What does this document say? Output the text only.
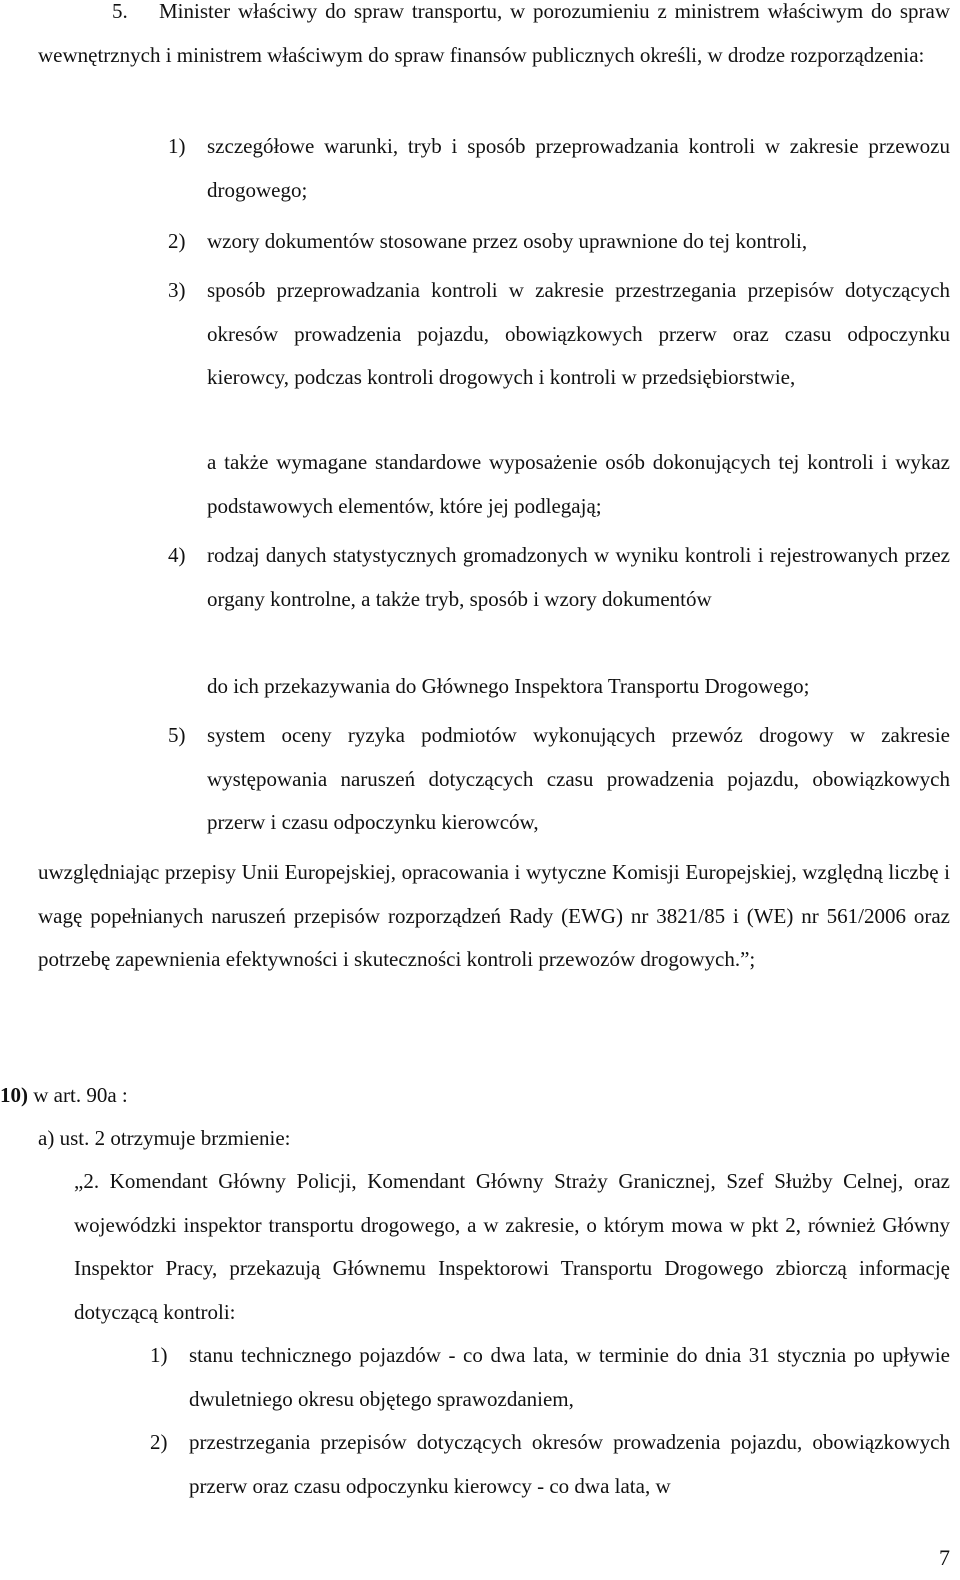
5. Minister właściwy do spraw transportu, w porozumieniu z ministrem właściwym do spraw wewnętrznych i ministrem właściwym do spraw finansów publicznych określi, w drodze rozporządzenia:
1)	szczegółowe warunki, tryb i sposób przeprowadzania kontroli w zakresie przewozu drogowego;
2)	wzory dokumentów stosowane przez osoby uprawnione do tej kontroli,
3)	sposób przeprowadzania kontroli w zakresie przestrzegania przepisów dotyczących okresów prowadzenia pojazdu, obowiązkowych przerw oraz czasu odpoczynku kierowcy, podczas kontroli drogowych i kontroli w przedsiębiorstwie,
a także wymagane standardowe wyposażenie osób dokonujących tej kontroli i wykaz podstawowych elementów, które jej podlegają;
4)	rodzaj danych statystycznych gromadzonych w wyniku kontroli i rejestrowanych przez organy kontrolne, a także tryb, sposób i wzory dokumentów
do ich przekazywania do Głównego Inspektora Transportu Drogowego;
5)	system oceny ryzyka podmiotów wykonujących przewóz drogowy w zakresie występowania naruszeń dotyczących czasu prowadzenia pojazdu, obowiązkowych przerw i czasu odpoczynku kierowców,
uwzględniając przepisy Unii Europejskiej, opracowania i wytyczne Komisji Europejskiej, względną liczbę i wagę popełnianych naruszeń przepisów rozporządzeń Rady (EWG) nr 3821/85 i (WE) nr 561/2006 oraz potrzebę zapewnienia efektywności i skuteczności kontroli przewozów drogowych.”;
10) w art. 90a :
a) ust. 2 otrzymuje brzmienie:
„2. Komendant Główny Policji, Komendant Główny Straży Granicznej, Szef Służby Celnej, oraz wojewódzki inspektor transportu drogowego, a w zakresie, o którym mowa w pkt 2, również Główny Inspektor Pracy, przekazują Głównemu Inspektorowi Transportu Drogowego zbiorczą informację dotyczącą kontroli:
1)	stanu technicznego pojazdów - co dwa lata, w terminie do dnia 31 stycznia po upływie dwuletniego okresu objętego sprawozdaniem,
2)	przestrzegania przepisów dotyczących okresów prowadzenia pojazdu, obowiązkowych przerw oraz czasu odpoczynku kierowcy - co dwa lata, w
7
